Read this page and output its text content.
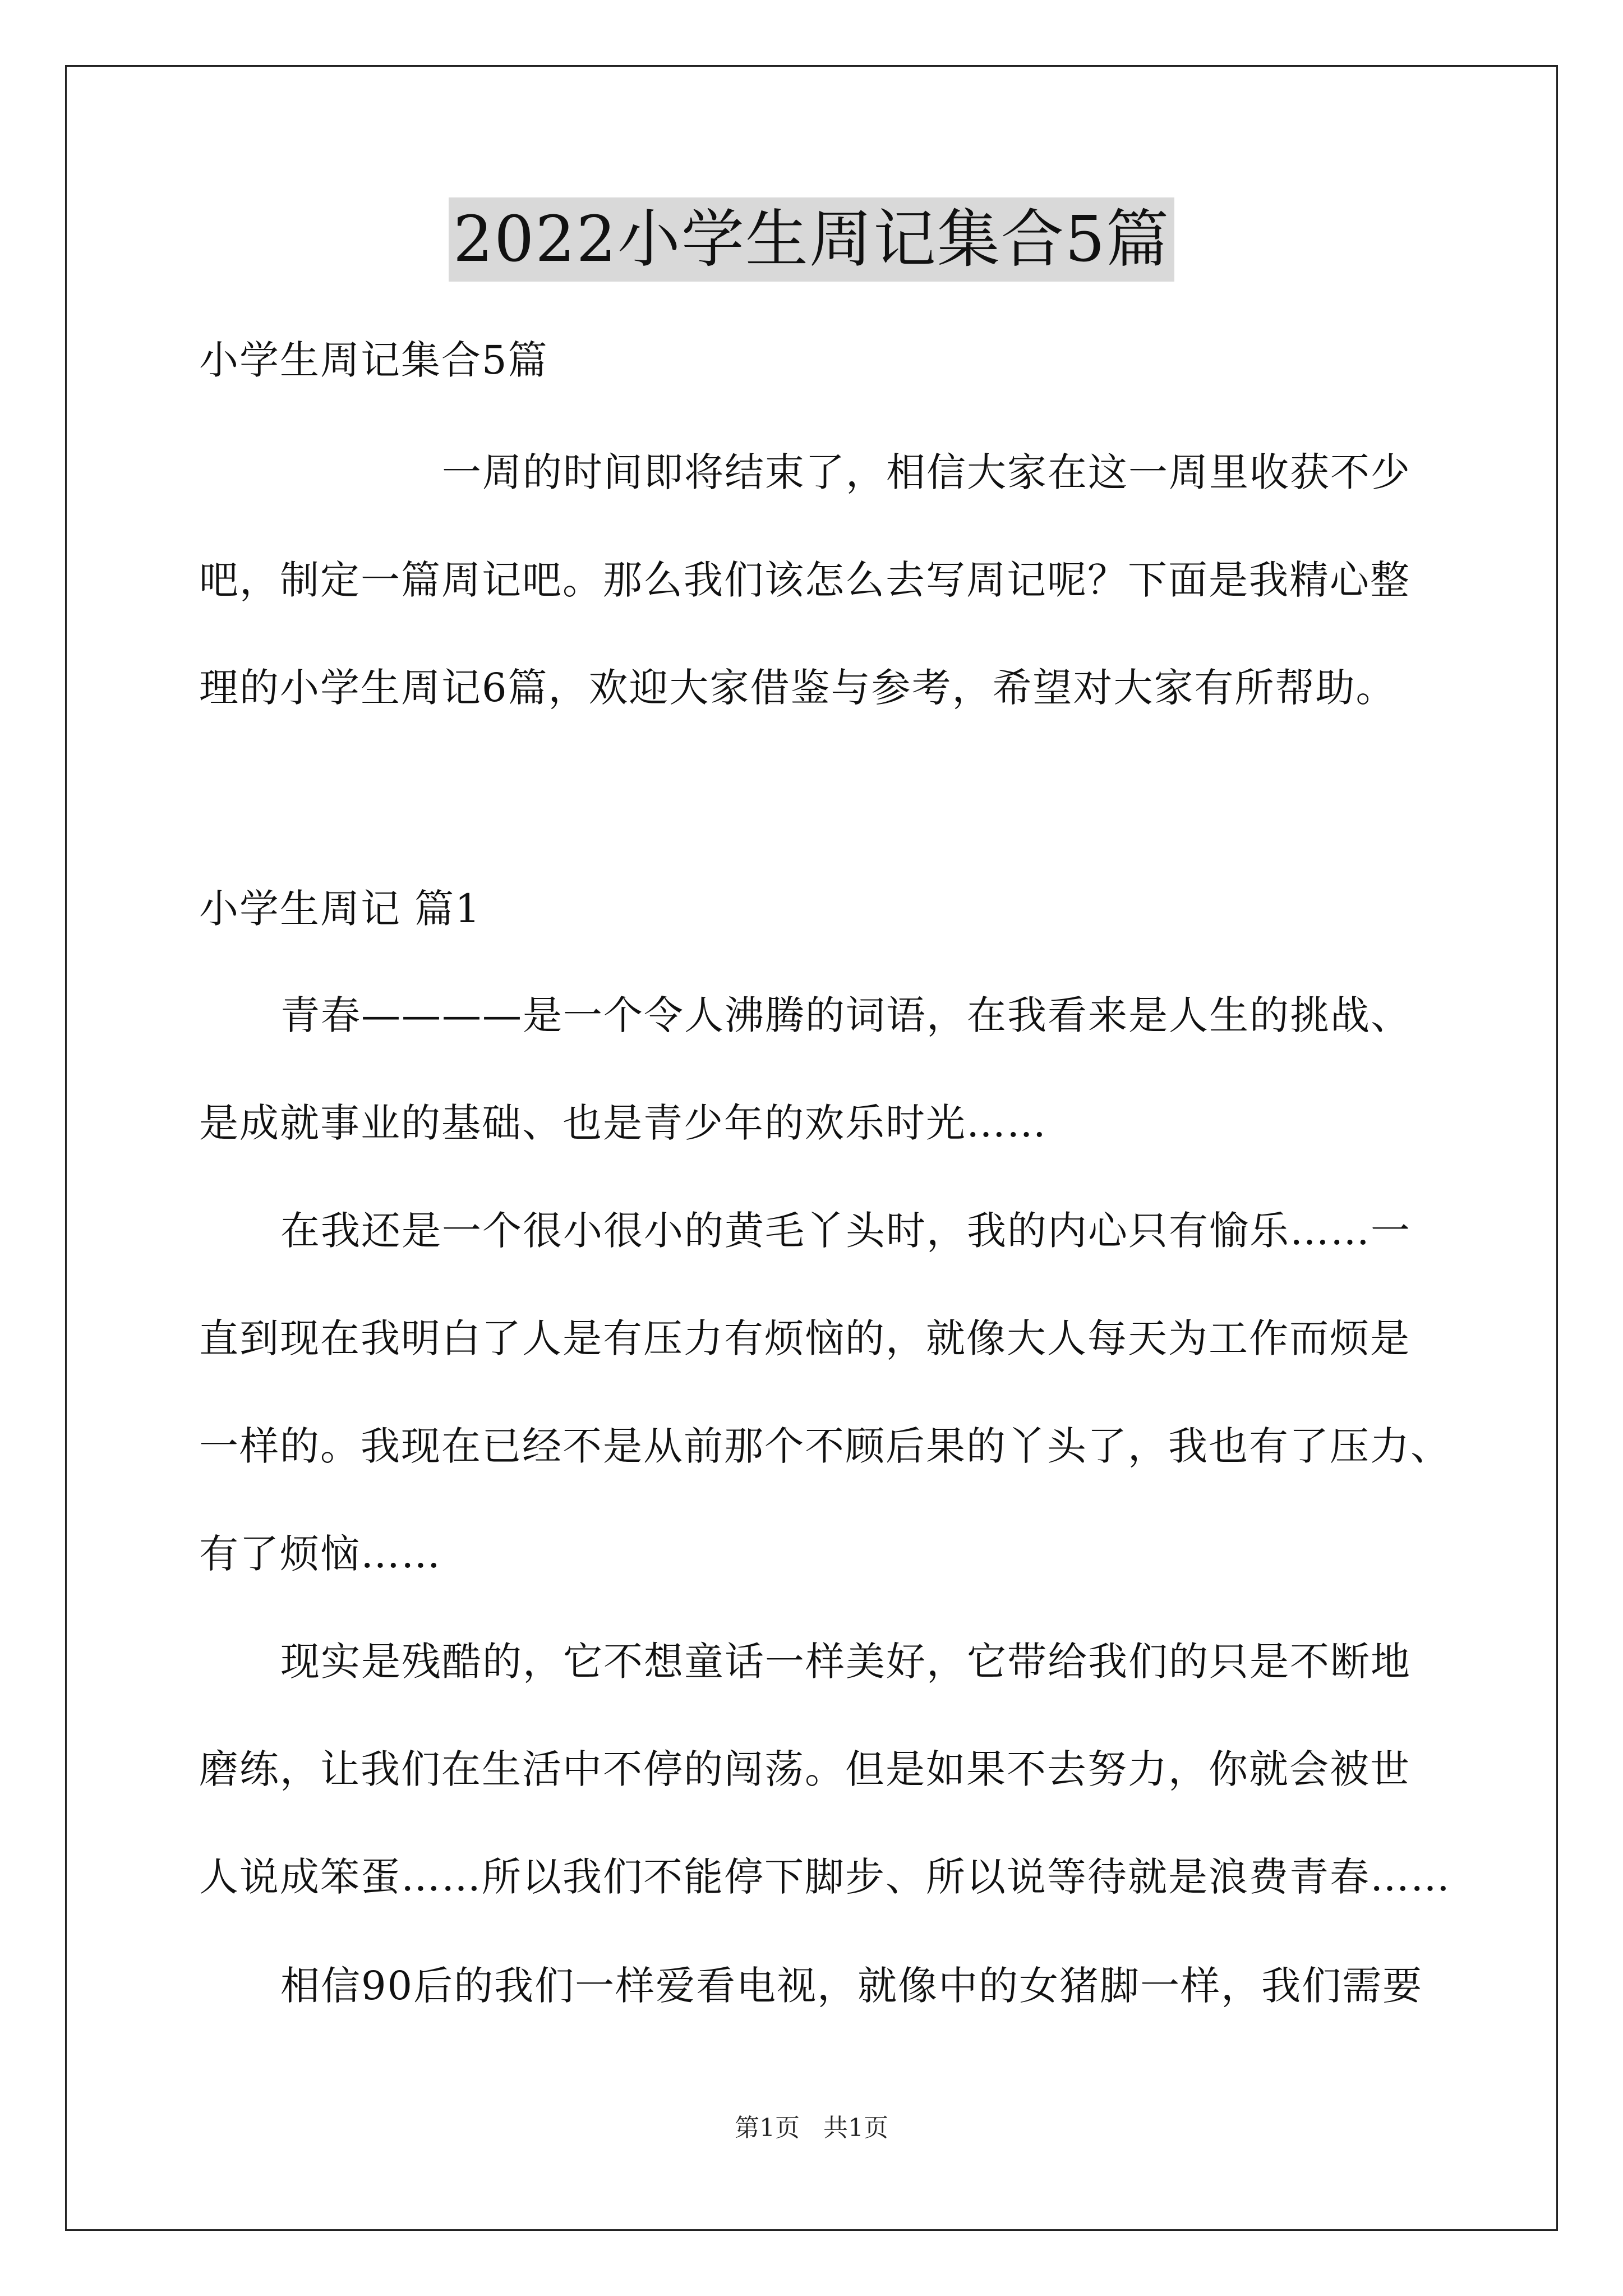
2022小学生周记集合5篇
小学生周记集合5篇
一周的时间即将结束了，相信大家在这一周里收获不少
吧，制定一篇周记吧。那么我们该怎么去写周记呢？下面是我精心整
理的小学生周记6篇，欢迎大家借鉴与参考，希望对大家有所帮助。
小学生周记 篇1
青春————是一个令人沸腾的词语，在我看来是人生的挑战、
是成就事业的基础、也是青少年的欢乐时光……
在我还是一个很小很小的黄毛丫头时，我的内心只有愉乐……一
直到现在我明白了人是有压力有烦恼的，就像大人每天为工作而烦是
一样的。我现在已经不是从前那个不顾后果的丫头了，我也有了压力、
有了烦恼……
现实是残酷的，它不想童话一样美好，它带给我们的只是不断地
磨练，让我们在生活中不停的闯荡。但是如果不去努力，你就会被世
人说成笨蛋……所以我们不能停下脚步、所以说等待就是浪费青春……
相信90后的我们一样爱看电视，就像中的女猪脚一样，我们需要
第1页 共1页
